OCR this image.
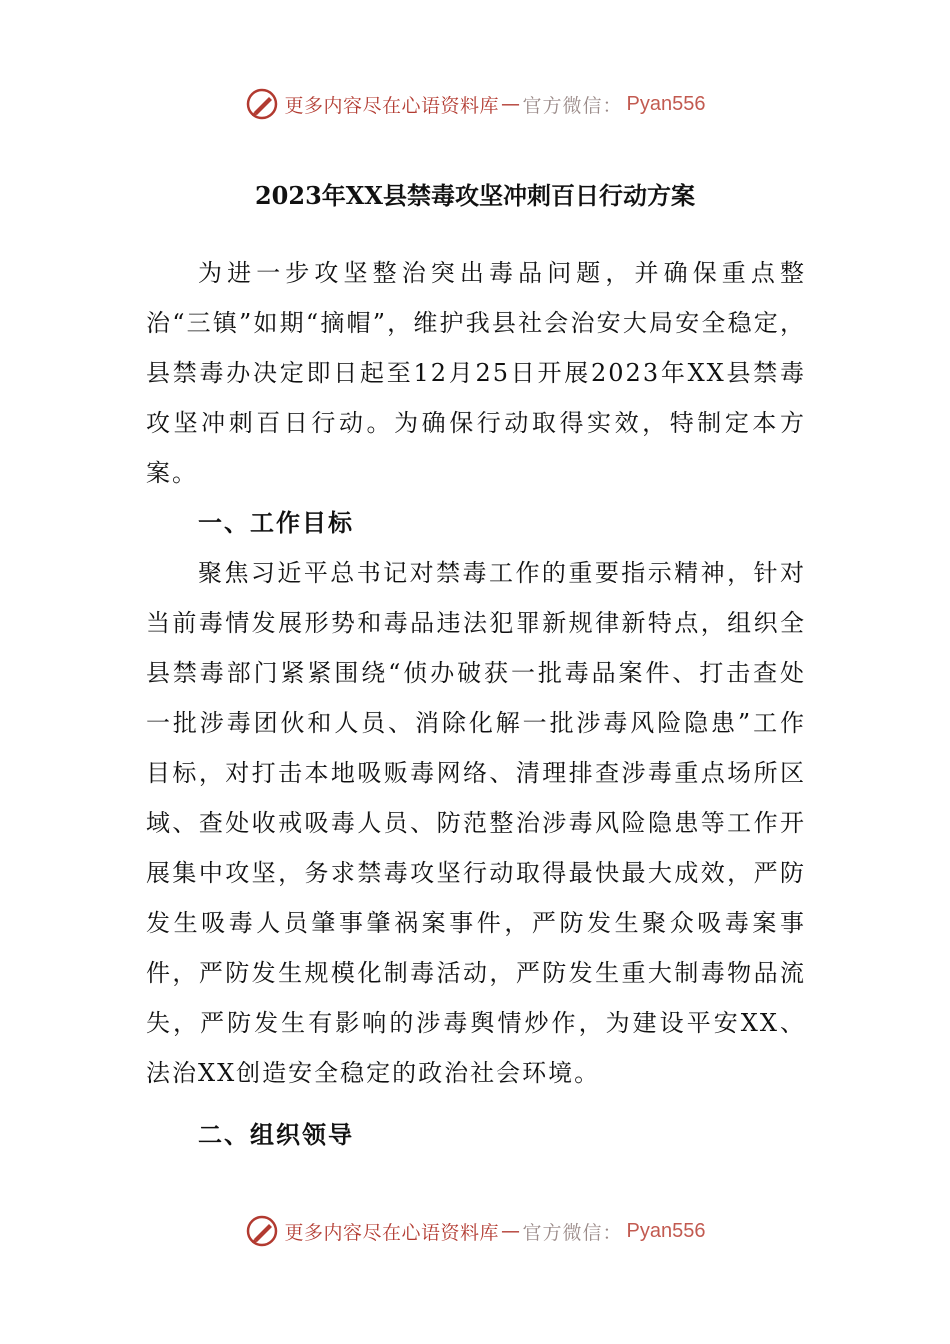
更多内容尽在心语资料库 — 官方微信： Pyan556
2023年XX县禁毒攻坚冲刺百日行动方案

为进一步攻坚整治突出毒品问题，并确保重点整治“三镇”如期“摘帽”，维护我县社会治安大局安全稳定，县禁毒办决定即日起至12月25日开展2023年XX县禁毒攻坚冲刺百日行动。为确保行动取得实效，特制定本方案。

一、工作目标

聚焦习近平总书记对禁毒工作的重要指示精神，针对当前毒情发展形势和毒品违法犯罪新规律新特点，组织全县禁毒部门紧紧围绕“侦办破获一批毒品案件、打击查处一批涉毒团伙和人员、消除化解一批涉毒风险隐患”工作目标，对打击本地吸贩毒网络、清理排查涉毒重点场所区域、查处收戒吸毒人员、防范整治涉毒风险隐患等工作开展集中攻坚，务求禁毒攻坚行动取得最快最大成效，严防发生吸毒人员肇事肇祸案事件，严防发生聚众吸毒案事件，严防发生规模化制毒活动，严防发生重大制毒物品流失，严防发生有影响的涉毒舆情炒作，为建设平安XX、法治XX创造安全稳定的政治社会环境。

二、组织领导

更多内容尽在心语资料库 — 官方微信： Pyan556
